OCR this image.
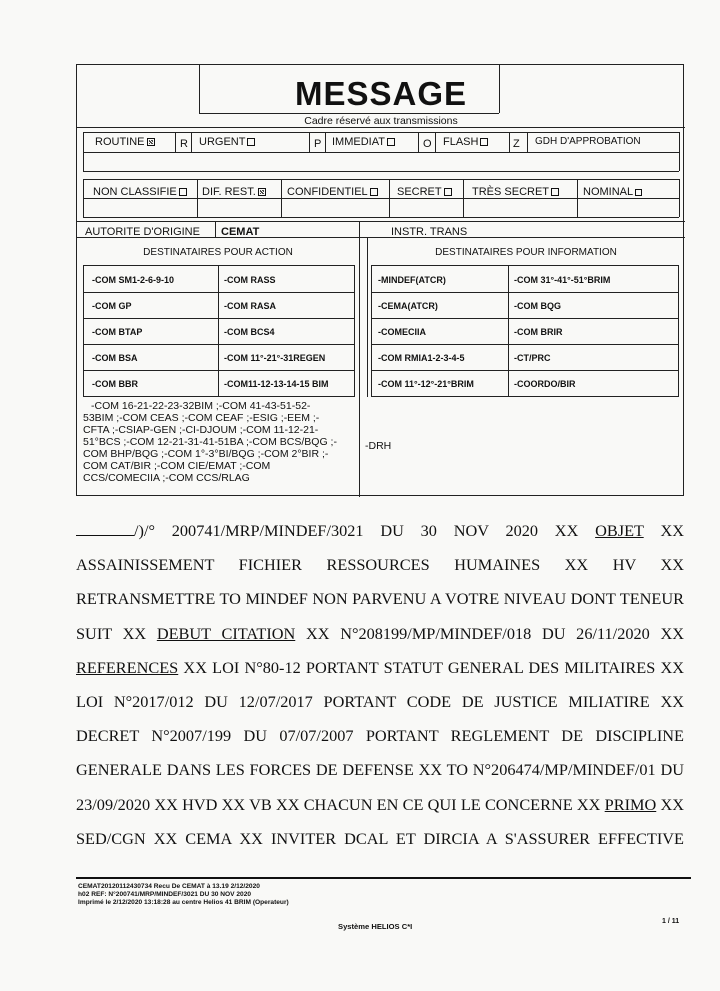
MESSAGE
Cadre réservé aux transmissions
ROUTINE	R URGENT	P IMMEDIAT	O FLASH	Z GDH D'APPROBATION
NON CLASSIFIE	DIF. REST.	CONFIDENTIEL	SECRET	TRÈS SECRET	NOMINAL
AUTORITE D'ORIGINE CEMAT	INSTR. TRANS
DESTINATAIRES POUR ACTION	DESTINATAIRES POUR INFORMATION
-COM SM1-2-6-9-10	-COM RASS
-COM GP	-COM RASA
-COM BTAP	-COM BCS4
-COM BSA	-COM 11°-21°-31REGEN
-COM BBR	-COM11-12-13-14-15 BIM
-MINDEF(ATCR)	-COM 31°-41°-51°BRIM
-CEMA(ATCR)	-COM BQG
-COMECIIA	-COM BRIR
-COM RMIA1-2-3-4-5	-CT/PRC
-COM 11°-12°-21°BRIM	-COORDO/BIR
-COM 16-21-22-23-32BIM ;-COM 41-43-51-52-
53BIM ;-COM CEAS ;-COM CEAF ;-ESIG ;-EEM ;-
CFTA ;-CSIAP-GEN ;-CI-DJOUM ;-COM 11-12-21-
51°BCS ;-COM 12-21-31-41-51BA ;-COM BCS/BQG ;-
COM BHP/BQG ;-COM 1°-3°BI/BQG ;-COM 2°BIR ;-
COM CAT/BIR ;-COM CIE/EMAT ;-COM
CCS/COMECIIA ;-COM CCS/RLAG
-DRH
/)/° 200741/MRP/MINDEF/3021 DU 30 NOV 2020 XX OBJET XX
ASSAINISSEMENT FICHIER RESSOURCES HUMAINES XX HV XX
RETRANSMETTRE TO MINDEF NON PARVENU A VOTRE NIVEAU DONT TENEUR
SUIT XX DEBUT CITATION XX N°208199/MP/MINDEF/018 DU 26/11/2020 XX
REFERENCES XX LOI N°80-12 PORTANT STATUT GENERAL DES MILITAIRES XX
LOI N°2017/012 DU 12/07/2017 PORTANT CODE DE JUSTICE MILIATIRE XX
DECRET N°2007/199 DU 07/07/2007 PORTANT REGLEMENT DE DISCIPLINE
GENERALE DANS LES FORCES DE DEFENSE XX TO N°206474/MP/MINDEF/01 DU
23/09/2020 XX HVD XX VB XX CHACUN EN CE QUI LE CONCERNE XX PRIMO XX
SED/CGN XX CEMA XX INVITER DCAL ET DIRCIA A S'ASSURER EFFECTIVE
CEMAT20120112430734 Recu De CEMAT à 13.19 2/12/2020
h02 REF: N°200741/MRP/MINDEF/3021 DU 30 NOV 2020
Imprimé le 2/12/2020 13:18:28 au centre Helios 41 BRIM (Operateur)
Système HELIOS C*I
1 / 11
